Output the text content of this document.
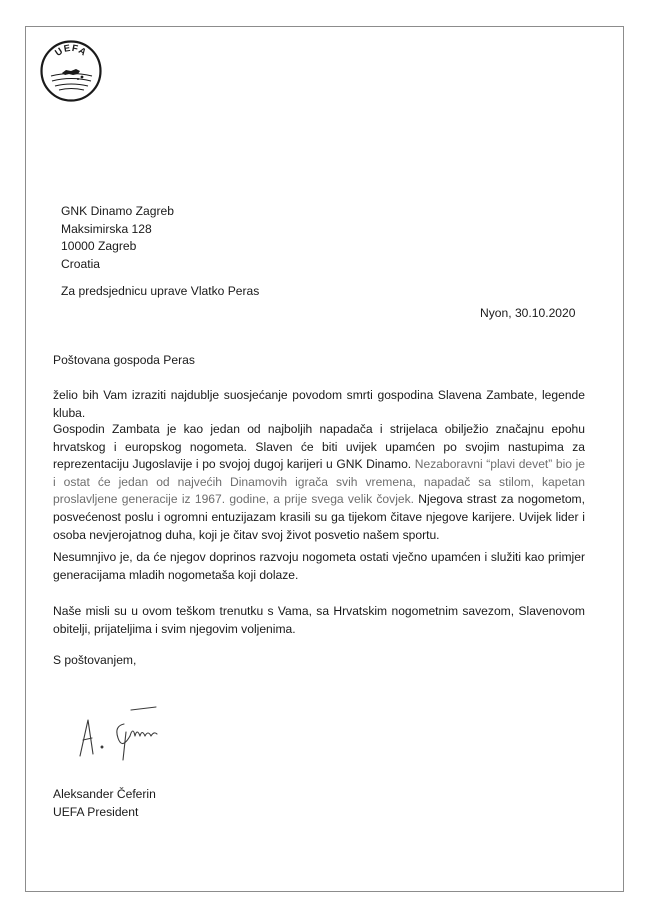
UEFA
GNK Dinamo Zagreb
Maksimirska 128
10000 Zagreb
Croatia
Za predsjednicu uprave Vlatko Peras
Nyon, 30.10.2020

Poštovana gospoda Peras

želio bih Vam izraziti najdublje suosjećanje povodom smrti gospodina Slavena Zambate, legende kluba.

Gospodin Zambata je kao jedan od najboljih napadača i strijelaca obilježio značajnu epohu hrvatskog i europskog nogometa. Slaven će biti uvijek upamćen po svojim nastupima za reprezentaciju Jugoslavije i po svojoj dugoj karijeri u GNK Dinamo. Nezaboravni “plavi devet” bio je i ostat će jedan od najvećih Dinamovih igrača svih vremena, napadač sa stilom, kapetan proslavljene generacije iz 1967. godine, a prije svega velik čovjek. Njegova strast za nogometom, posvećenost poslu i ogromni entuzijazam krasili su ga tijekom čitave njegove karijere. Uvijek lider i osoba nevjerojatnog duha, koji je čitav svoj život posvetio našem sportu.

Nesumnjivo je, da će njegov doprinos razvoju nogometa ostati vječno upamćen i služiti kao primjer generacijama mladih nogometaša koji dolaze.

Naše misli su u ovom teškom trenutku s Vama, sa Hrvatskim nogometnim savezom, Slavenovom obitelji, prijateljima i svim njegovim voljenima.

S poštovanjem,

Aleksander Čeferin
UEFA President
